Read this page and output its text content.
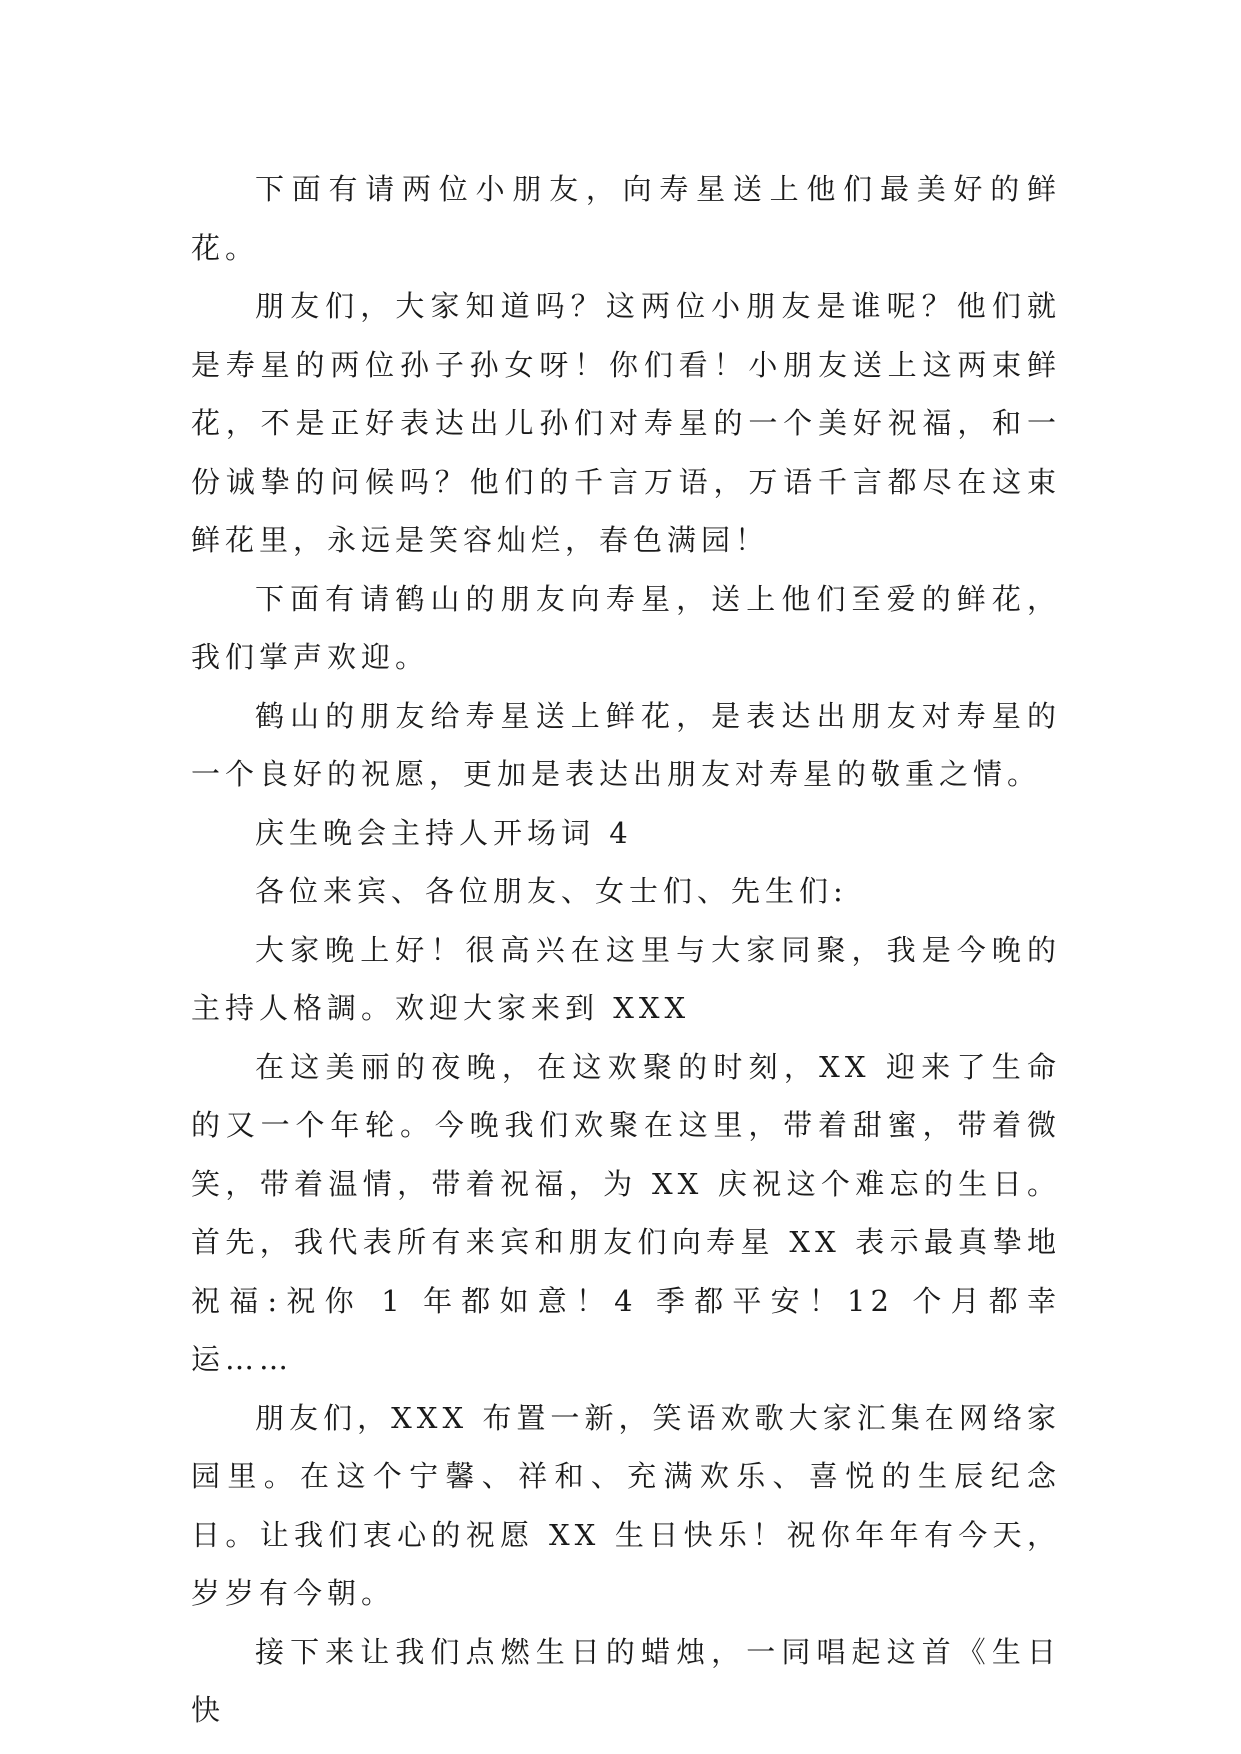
下面有请两位小朋友，向寿星送上他们最美好的鲜花。

朋友们，大家知道吗？这两位小朋友是谁呢？他们就是寿星的两位孙子孙女呀！你们看！小朋友送上这两束鲜花，不是正好表达出儿孙们对寿星的一个美好祝福，和一份诚挚的问候吗？他们的千言万语，万语千言都尽在这束鲜花里，永远是笑容灿烂，春色满园！

下面有请鹤山的朋友向寿星，送上他们至爱的鲜花，我们掌声欢迎。

鹤山的朋友给寿星送上鲜花，是表达出朋友对寿星的一个良好的祝愿，更加是表达出朋友对寿星的敬重之情。

庆生晚会主持人开场词 4

各位来宾、各位朋友、女士们、先生们:

大家晚上好！很高兴在这里与大家同聚，我是今晚的主持人格調。欢迎大家来到 XXX

在这美丽的夜晚，在这欢聚的时刻，XX 迎来了生命的又一个年轮。今晚我们欢聚在这里，带着甜蜜，带着微笑，带着温情，带着祝福，为 XX 庆祝这个难忘的生日。首先，我代表所有来宾和朋友们向寿星 XX 表示最真挚地祝福:祝你 1 年都如意！4 季都平安！12 个月都幸运……

朋友们，XXX 布置一新，笑语欢歌大家汇集在网络家园里。在这个宁馨、祥和、充满欢乐、喜悦的生辰纪念日。让我们衷心的祝愿 XX 生日快乐！祝你年年有今天，岁岁有今朝。

接下来让我们点燃生日的蜡烛，一同唱起这首《生日快
